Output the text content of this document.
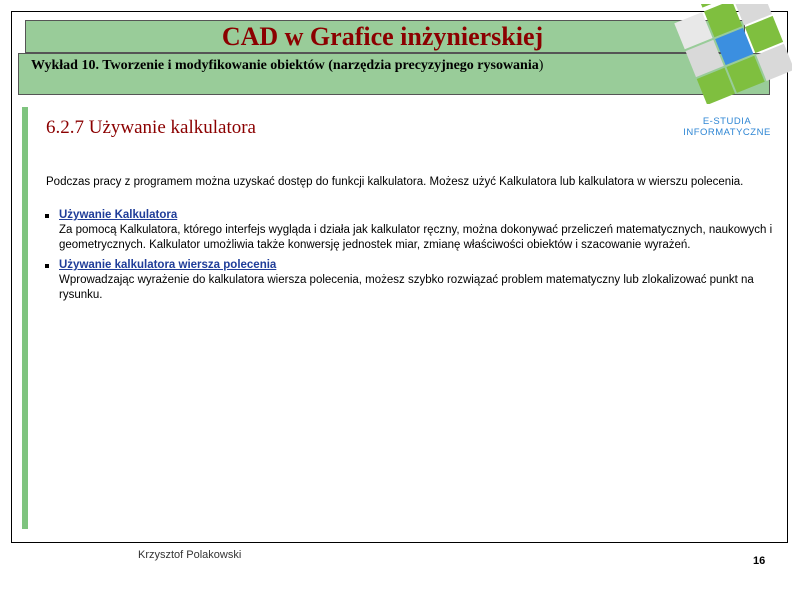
CAD w Grafice inżynierskiej
Wykład 10. Tworzenie i modyfikowanie obiektów (narzędzia precyzyjnego rysowania)
E-STUDIA
INFORMATYCZNE
6.2.7 Używanie kalkulatora
Podczas pracy z programem można uzyskać dostęp do funkcji kalkulatora. Możesz użyć Kalkulatora lub kalkulatora w wierszu polecenia.
Używanie Kalkulatora
Za pomocą Kalkulatora, którego interfejs wygląda i działa jak kalkulator ręczny, można dokonywać przeliczeń matematycznych, naukowych i geometrycznych. Kalkulator umożliwia także konwersję jednostek miar, zmianę właściwości obiektów i szacowanie wyrażeń.
Używanie kalkulatora wiersza polecenia
Wprowadzając wyrażenie do kalkulatora wiersza polecenia, możesz szybko rozwiązać problem matematyczny lub zlokalizować punkt na rysunku.
Krzysztof Polakowski	16
